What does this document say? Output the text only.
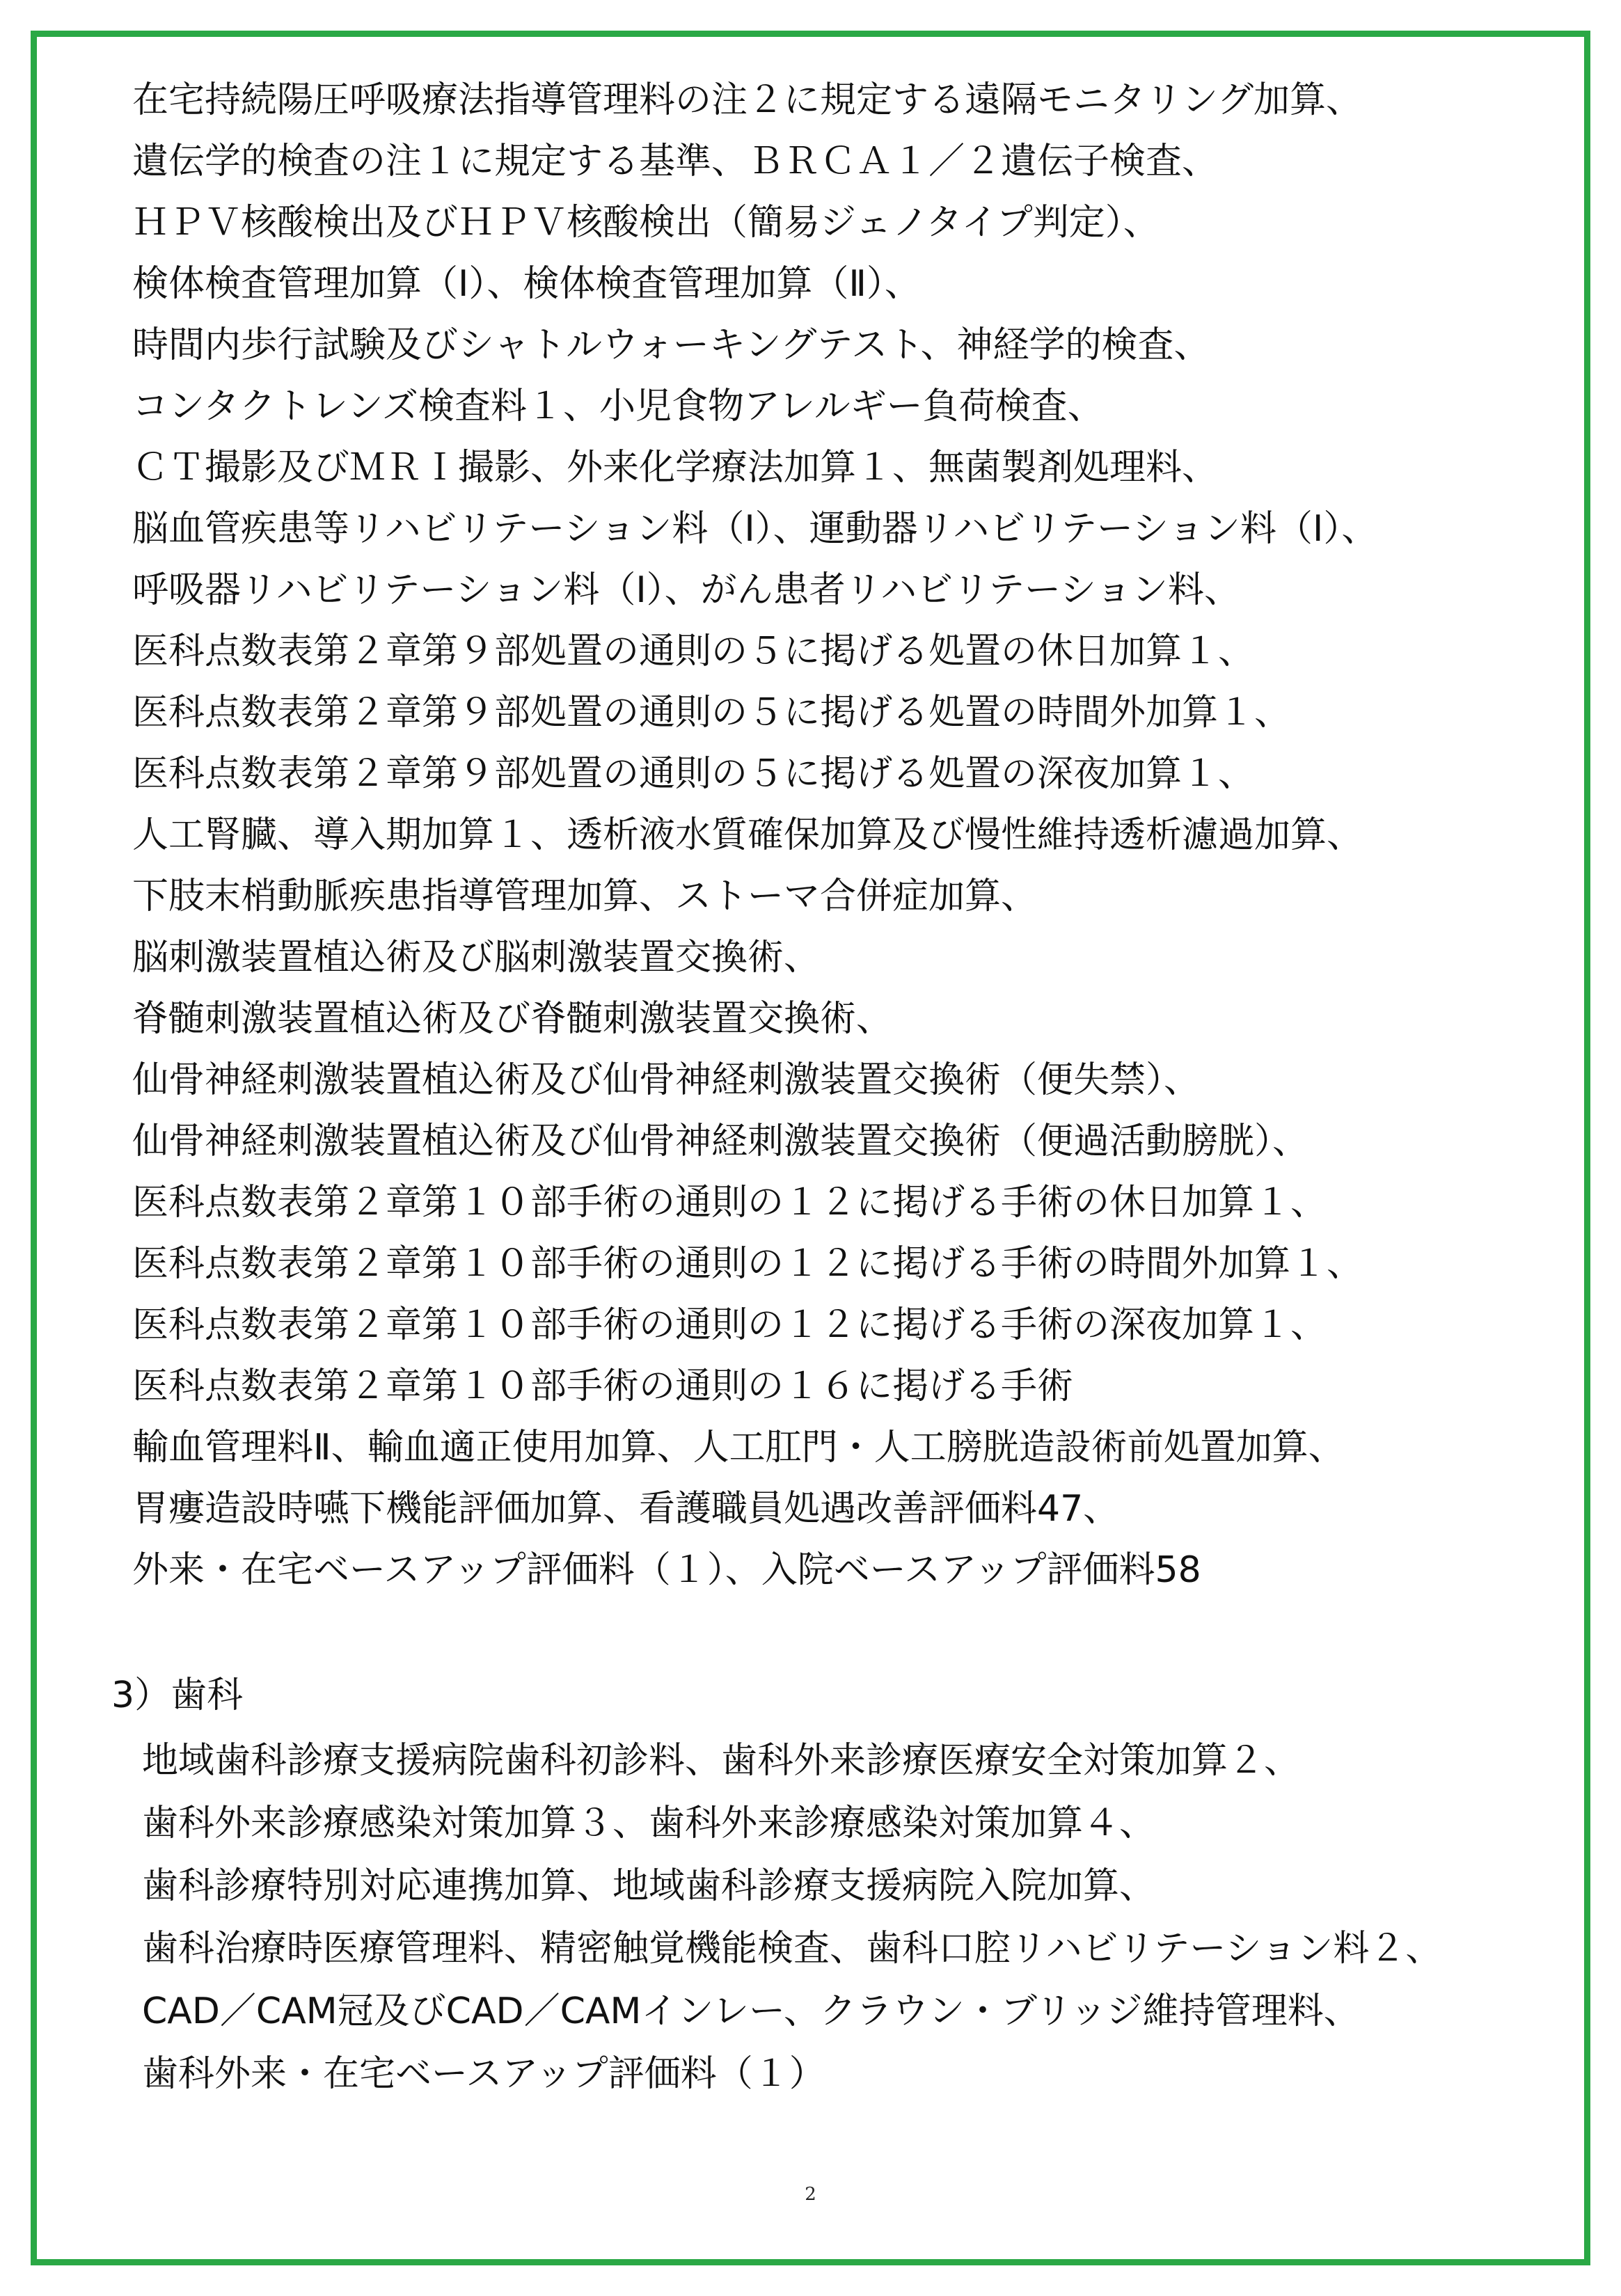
在宅持続陽圧呼吸療法指導管理料の注２に規定する遠隔モニタリング加算、
遺伝学的検査の注１に規定する基準、ＢＲＣＡ１／２遺伝子検査、
ＨＰＶ核酸検出及びＨＰＶ核酸検出（簡易ジェノタイプ判定）、
検体検査管理加算（Ⅰ）、検体検査管理加算（Ⅱ）、
時間内歩行試験及びシャトルウォーキングテスト、神経学的検査、
コンタクトレンズ検査料１、小児食物アレルギー負荷検査、
ＣＴ撮影及びＭＲＩ撮影、外来化学療法加算１、無菌製剤処理料、
脳血管疾患等リハビリテーション料（Ⅰ）、運動器リハビリテーション料（Ⅰ）、
呼吸器リハビリテーション料（Ⅰ）、がん患者リハビリテーション料、
医科点数表第２章第９部処置の通則の５に掲げる処置の休日加算１、
医科点数表第２章第９部処置の通則の５に掲げる処置の時間外加算１、
医科点数表第２章第９部処置の通則の５に掲げる処置の深夜加算１、
人工腎臓、導入期加算１、透析液水質確保加算及び慢性維持透析濾過加算、
下肢末梢動脈疾患指導管理加算、ストーマ合併症加算、
脳刺激装置植込術及び脳刺激装置交換術、
脊髄刺激装置植込術及び脊髄刺激装置交換術、
仙骨神経刺激装置植込術及び仙骨神経刺激装置交換術（便失禁）、
仙骨神経刺激装置植込術及び仙骨神経刺激装置交換術（便過活動膀胱）、
医科点数表第２章第１０部手術の通則の１２に掲げる手術の休日加算１、
医科点数表第２章第１０部手術の通則の１２に掲げる手術の時間外加算１、
医科点数表第２章第１０部手術の通則の１２に掲げる手術の深夜加算１、
医科点数表第２章第１０部手術の通則の１６に掲げる手術
輸血管理料Ⅱ、輸血適正使用加算、人工肛門・人工膀胱造設術前処置加算、
胃瘻造設時嚥下機能評価加算、看護職員処遇改善評価料47、
外来・在宅ベースアップ評価料（１）、入院ベースアップ評価料58
3）歯科
地域歯科診療支援病院歯科初診料、歯科外来診療医療安全対策加算２、
歯科外来診療感染対策加算３、歯科外来診療感染対策加算４、
歯科診療特別対応連携加算、地域歯科診療支援病院入院加算、
歯科治療時医療管理料、精密触覚機能検査、歯科口腔リハビリテーション料２、
CAD／CAM冠及びCAD／CAMインレー、クラウン・ブリッジ維持管理料、
歯科外来・在宅ベースアップ評価料（１）
2
